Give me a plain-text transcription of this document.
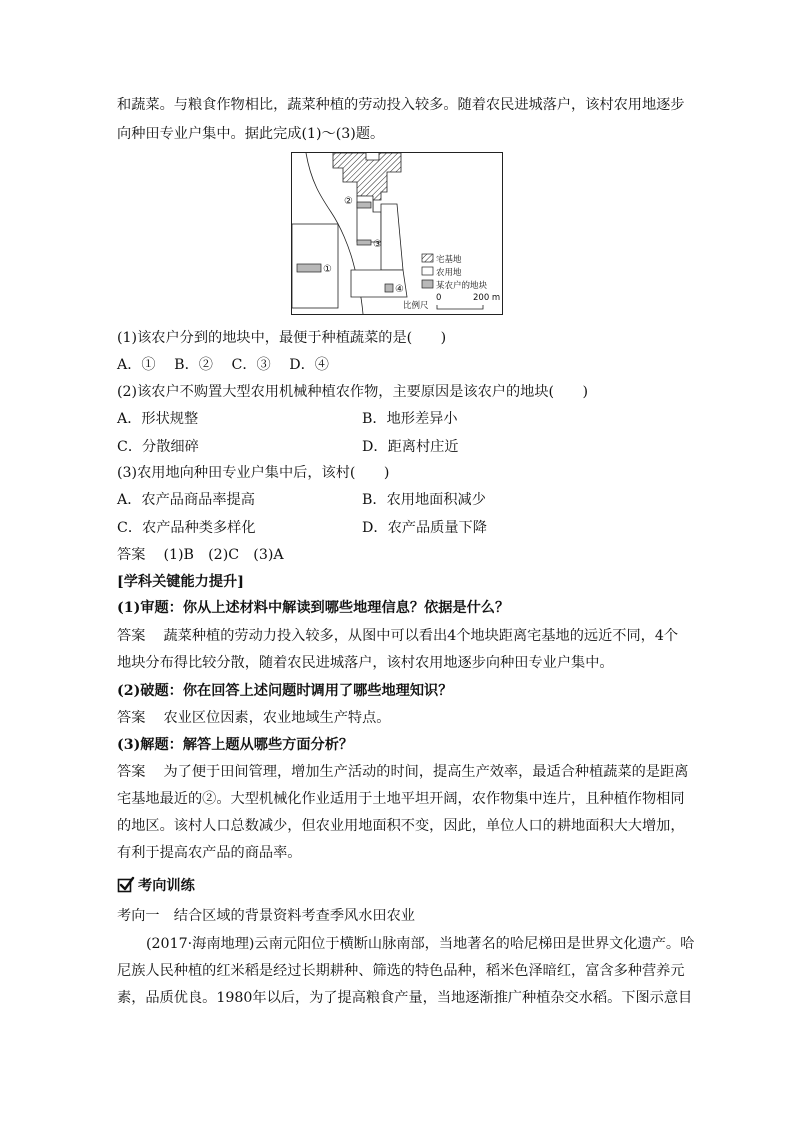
和蔬菜。与粮食作物相比，蔬菜种植的劳动投入较多。随着农民进城落户，该村农用地逐步
向种田专业户集中。据此完成(1)～(3)题。
①
②
③
④
宅基地
农用地
某农户的地块
比例尺
0	200 m
(1)该农户分到的地块中，最便于种植蔬菜的是(　　)
A．① B．② C．③ D．④
(2)该农户不购置大型农用机械种植农作物，主要原因是该农户的地块(　　)
A．形状规整	B．地形差异小
C．分散细碎	D．距离村庄近
(3)农用地向种田专业户集中后，该村(　　)
A．农产品商品率提高	B．农用地面积减少
C．农产品种类多样化	D．农产品质量下降
答案 (1)B　(2)C　(3)A
[学科关键能力提升]
(1)审题：你从上述材料中解读到哪些地理信息？依据是什么？
答案 蔬菜种植的劳动力投入较多，从图中可以看出4个地块距离宅基地的远近不同，4个
地块分布得比较分散，随着农民进城落户，该村农用地逐步向种田专业户集中。
(2)破题：你在回答上述问题时调用了哪些地理知识？
答案 农业区位因素，农业地域生产特点。
(3)解题：解答上题从哪些方面分析？
答案 为了便于田间管理，增加生产活动的时间，提高生产效率，最适合种植蔬菜的是距离
宅基地最近的②。大型机械化作业适用于土地平坦开阔，农作物集中连片，且种植作物相同
的地区。该村人口总数减少，但农业用地面积不变，因此，单位人口的耕地面积大大增加，
有利于提高农产品的商品率。
考向训练
考向一　结合区域的背景资料考查季风水田农业
(2017·海南地理)云南元阳位于横断山脉南部，当地著名的哈尼梯田是世界文化遗产。哈
尼族人民种植的红米稻是经过长期耕种、筛选的特色品种，稻米色泽暗红，富含多种营养元
素，品质优良。1980年以后，为了提高粮食产量，当地逐渐推广种植杂交水稻。下图示意目
